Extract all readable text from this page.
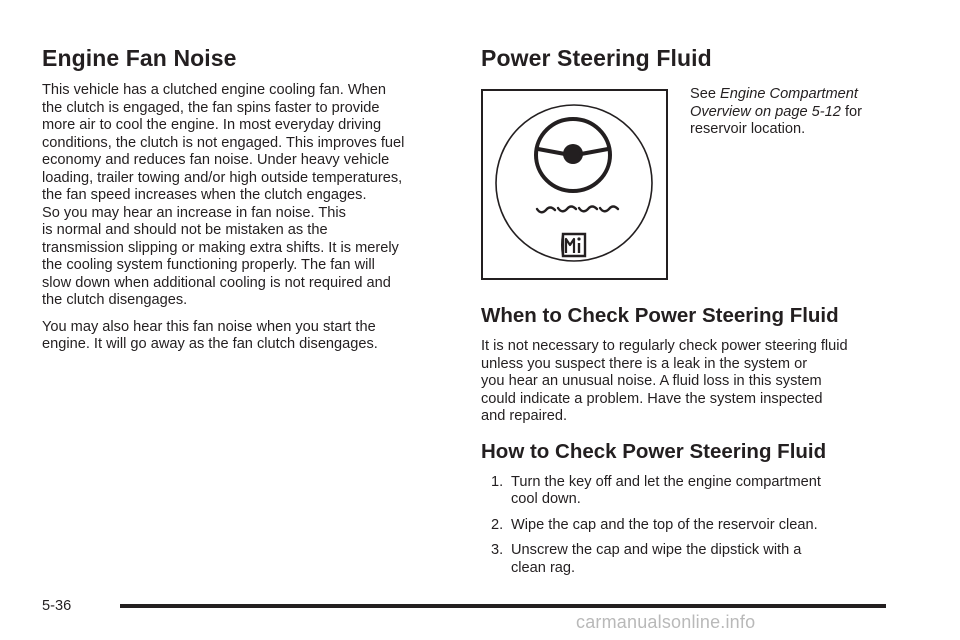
Engine Fan Noise

This vehicle has a clutched engine cooling fan. When
the clutch is engaged, the fan spins faster to provide
more air to cool the engine. In most everyday driving
conditions, the clutch is not engaged. This improves fuel
economy and reduces fan noise. Under heavy vehicle
loading, trailer towing and/or high outside temperatures,
the fan speed increases when the clutch engages.
So you may hear an increase in fan noise. This
is normal and should not be mistaken as the
transmission slipping or making extra shifts. It is merely
the cooling system functioning properly. The fan will
slow down when additional cooling is not required and
the clutch disengages.

You may also hear this fan noise when you start the
engine. It will go away as the fan clutch disengages.

Power Steering Fluid
See Engine Compartment
Overview on page 5-12 for
reservoir location.
When to Check Power Steering Fluid

It is not necessary to regularly check power steering fluid
unless you suspect there is a leak in the system or
you hear an unusual noise. A fluid loss in this system
could indicate a problem. Have the system inspected
and repaired.

How to Check Power Steering Fluid
1. Turn the key off and let the engine compartment
cool down.
2. Wipe the cap and the top of the reservoir clean.
3. Unscrew the cap and wipe the dipstick with a
clean rag.
5-36
carmanualsonline.info
